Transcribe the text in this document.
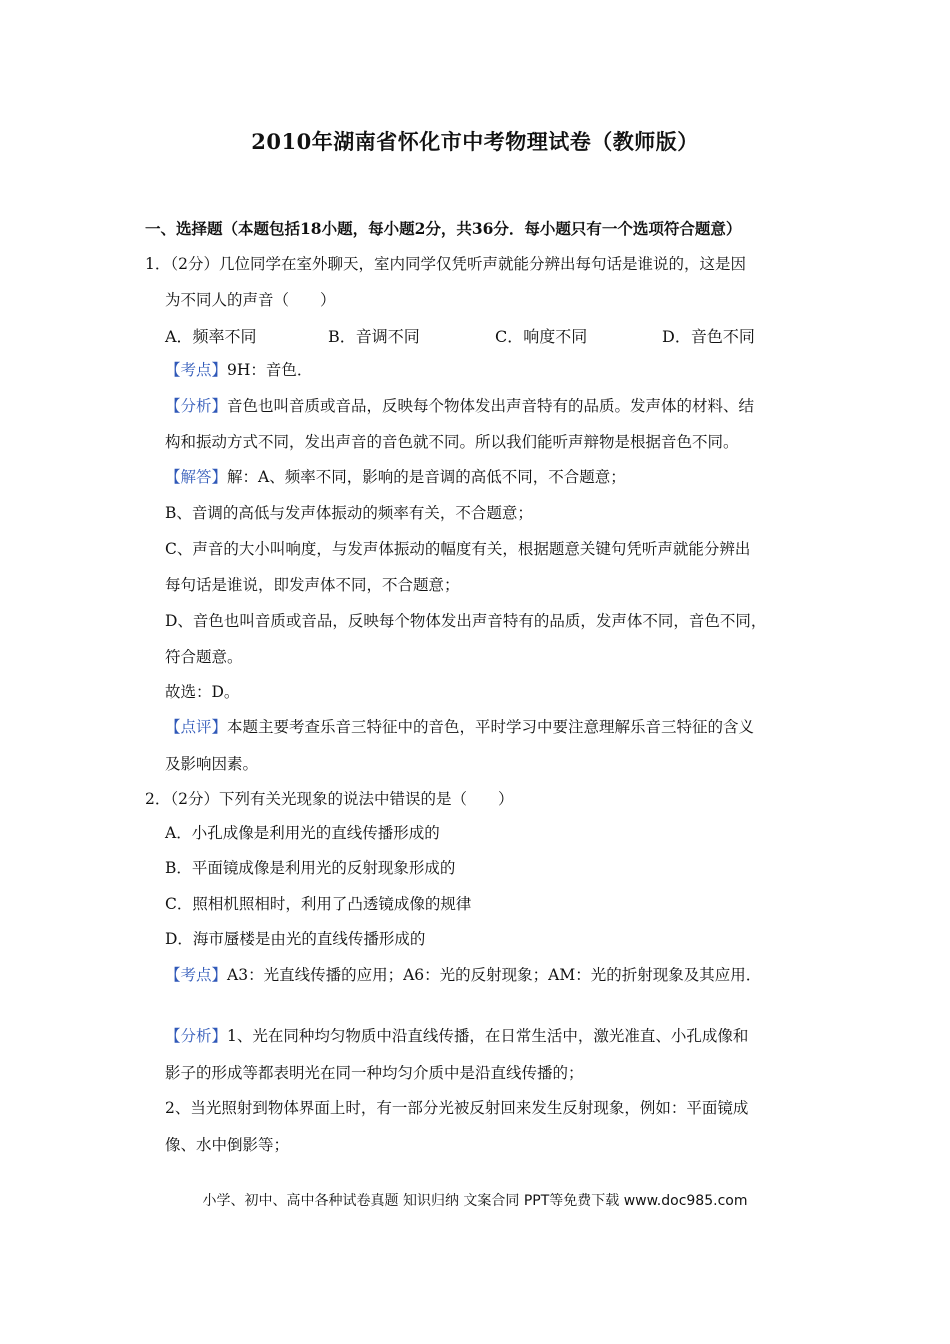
2010年湖南省怀化市中考物理试卷（教师版）

一、选择题（本题包括18小题，每小题2分，共36分．每小题只有一个选项符合题意）

1．（2分）几位同学在室外聊天，室内同学仅凭听声就能分辨出每句话是谁说的，这是因

为不同人的声音（　　）

A．频率不同	B．音调不同	C．响度不同	D．音色不同

【考点】9H：音色．

【分析】音色也叫音质或音品，反映每个物体发出声音特有的品质。发声体的材料、结

构和振动方式不同，发出声音的音色就不同。所以我们能听声辩物是根据音色不同。

【解答】解：A、频率不同，影响的是音调的高低不同，不合题意；

B、音调的高低与发声体振动的频率有关，不合题意；

C、声音的大小叫响度，与发声体振动的幅度有关，根据题意关键句凭听声就能分辨出

每句话是谁说，即发声体不同，不合题意；

D、音色也叫音质或音品，反映每个物体发出声音特有的品质，发声体不同，音色不同，

符合题意。

故选：D。

【点评】本题主要考查乐音三特征中的音色，平时学习中要注意理解乐音三特征的含义

及影响因素。

2．（2分）下列有关光现象的说法中错误的是（　　）

A．小孔成像是利用光的直线传播形成的

B．平面镜成像是利用光的反射现象形成的

C．照相机照相时，利用了凸透镜成像的规律

D．海市蜃楼是由光的直线传播形成的

【考点】A3：光直线传播的应用；A6：光的反射现象；AM：光的折射现象及其应用．

【分析】1、光在同种均匀物质中沿直线传播，在日常生活中，激光准直、小孔成像和

影子的形成等都表明光在同一种均匀介质中是沿直线传播的；

2、当光照射到物体界面上时，有一部分光被反射回来发生反射现象，例如：平面镜成

像、水中倒影等；

小学、初中、高中各种试卷真题 知识归纳 文案合同 PPT等免费下载 www.doc985.com
